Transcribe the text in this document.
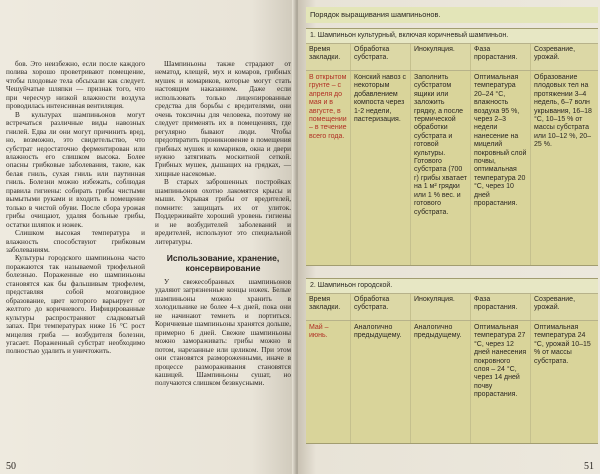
бов. Это неизбежно, если после каждого полива хорошо проветривают помещение, чтобы плодовые тела обсыхали как следует. Чешуйчатые шляпки — признак того, что при чересчур низкой влажности воздуха проводилась интенсивная вентиляция.

В культурах шампиньонов могут встречаться различные виды навозных гнилей. Едва ли они могут причинить вред, но, возможно, это свидетельство, что субстрат недостаточно ферментирован или влажность его слишком высока. Более опасны грибковые заболевания, такие, как белая гниль, сухая гниль или паутинная гниль. Болезни можно избежать, соблюдая правила гигиены: собирать грибы чистыми вымытыми руками и входить в помещение только в чистой обуви. После сбора урожая грибы очищают, удаляя больные грибы, остатки шляпок и ножек.

Слишком высокая температура и влажность способствуют грибковым заболеваниям.

Культуры городского шампиньона часто поражаются так называемой трюфельной болезнью. Пораженные ею шампиньоны становятся как бы фальшивым трюфелем, представляя собой мозговидное образование, цвет которого варьирует от желтого до коричневого. Инфицированные культуры распространяют сладковатый запах. При температурах ниже 16 °С рост мицелия гриба — возбудителя болезни, угасает. Пораженный субстрат необходимо полностью удалить и уничтожить.

Шампиньоны также страдают от нематод, клещей, мух и комаров, грибных мушек и комариков, которые могут стать настоящим наказанием. Даже если использовать только лицензированные средства для борьбы с вредителями, они очень токсичны для человека, поэтому не следует применять их в помещениях, где регулярно бывают люди. Чтобы предотвратить проникновение в помещения грибных мушек и комариков, окна и двери нужно затягивать москитной сеткой. Грибных мушек, дышащих на грядках, — хищные насекомые.

В старых заброшенных постройках шампиньонов охотно лакомятся крысы и мыши. Укрывая грибы от вредителей, помните: защищать их от улиток. Поддерживайте хороший уровень гигиены и не возбудителей заболеваний и вредителей, используют это специальной литературы.

Использование, хранение, консервирование

У свежесобранных шампиньонов удаляют загрязненные концы ножек. Белые шампиньоны можно хранить в холодильнике не более 4–х дней, пока они не начинают темнеть и портиться. Коричневые шампиньоны хранятся дольше, примерно 6 дней. Свежие шампиньоны можно замораживать: грибы можно в потом, нарезанные или целиком. При этом они становятся размороженными, иначе в процессе размораживания становятся кашицей. Шампиньоны сушат, но получаются слишком безвкусными.

50
Порядок выращивания шампиньонов.
1. Шампиньон культурный, включая коричневый шампиньон.
Время закладки.
Обработка субстрата.
Инокуляция.	Фаза прорастания.
Созревание, урожай.
В открытом грунте – с апреля до мая и в августе, в помещении – в течение всего года.
Конский навоз с некоторым добавлением компоста через 1-2 недели, пастеризация.
Заполнить субстратом ящики или заложить грядку, а после термической обработки субстрата и готовой культуры. Готового субстрата (700 г) грибы хватает на 1 м² грядки или 1 % вес. и готового субстрата.
Оптимальная температура 20–24 °С, влажность воздуха 95 %, через 2–3 недели нанесение на мицелий покровный слой почвы, оптимальная температура 20 °С, через 10 дней прорастания.
Образование плодовых тел на протяжении 3–4 недель, 6–7 волн укрывания, 16–18 °С, 10–15 % от массы субстрата или 10–12 %, 20–25 %.
2. Шампиньон городской.
Время закладки.
Обработка субстрата.
Инокуляция.	Фаза прорастания.
Созревание, урожай.
Май – июнь.
Аналогично предыдущему.
Аналогично предыдущему.
Оптимальная температура 27 °С, через 12 дней нанесения покровного слоя – 24 °С, через 14 дней почву прорастания.
Оптимальная температура 24 °С, урожай 10–15 % от массы субстрата.
51
